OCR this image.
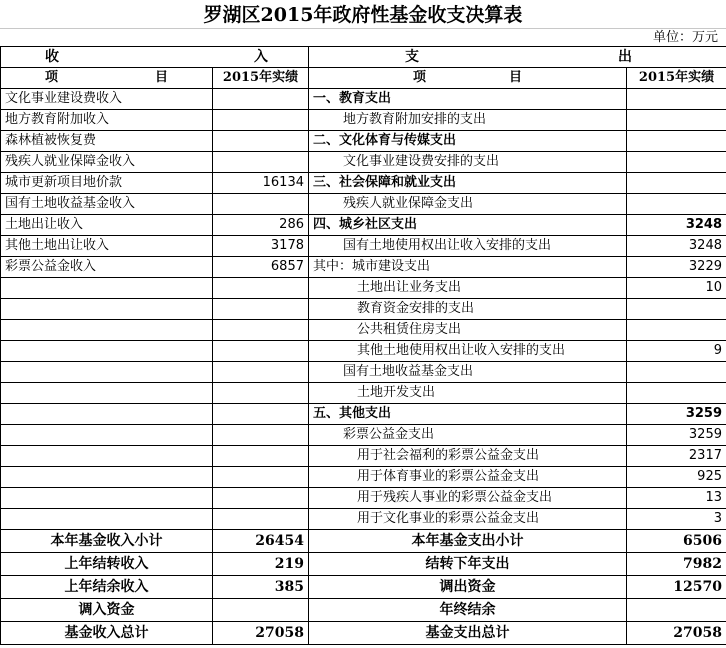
罗湖区2015年政府性基金收支决算表
单位：万元
收 入		支 出	

项 目	2015年实绩	项 目	2015年实绩
文化事业建设费收入		一、教育支出	
地方教育附加收入		地方教育附加安排的支出	
森林植被恢复费		二、文化体育与传媒支出	
残疾人就业保障金收入		文化事业建设费安排的支出	
城市更新项目地价款	16134	三、社会保障和就业支出	
国有土地收益基金收入		残疾人就业保障金支出	
土地出让收入	286	四、城乡社区支出	3248
其他土地出让收入	3178	国有土地使用权出让收入安排的支出	3248
彩票公益金收入	6857	其中：城市建设支出	3229
		土地出让业务支出	10
		教育资金安排的支出	
		公共租赁住房支出	
		其他土地使用权出让收入安排的支出	9
		国有土地收益基金支出	
		土地开发支出	
		五、其他支出	3259
		彩票公益金支出	3259
		用于社会福利的彩票公益金支出	2317
		用于体育事业的彩票公益金支出	925
		用于残疾人事业的彩票公益金支出	13
		用于文化事业的彩票公益金支出	3
本年基金收入小计	26454	本年基金支出小计	6506
上年结转收入	219	结转下年支出	7982
上年结余收入	385	调出资金	12570
调入资金		年终结余	
基金收入总计	27058	基金支出总计	27058
